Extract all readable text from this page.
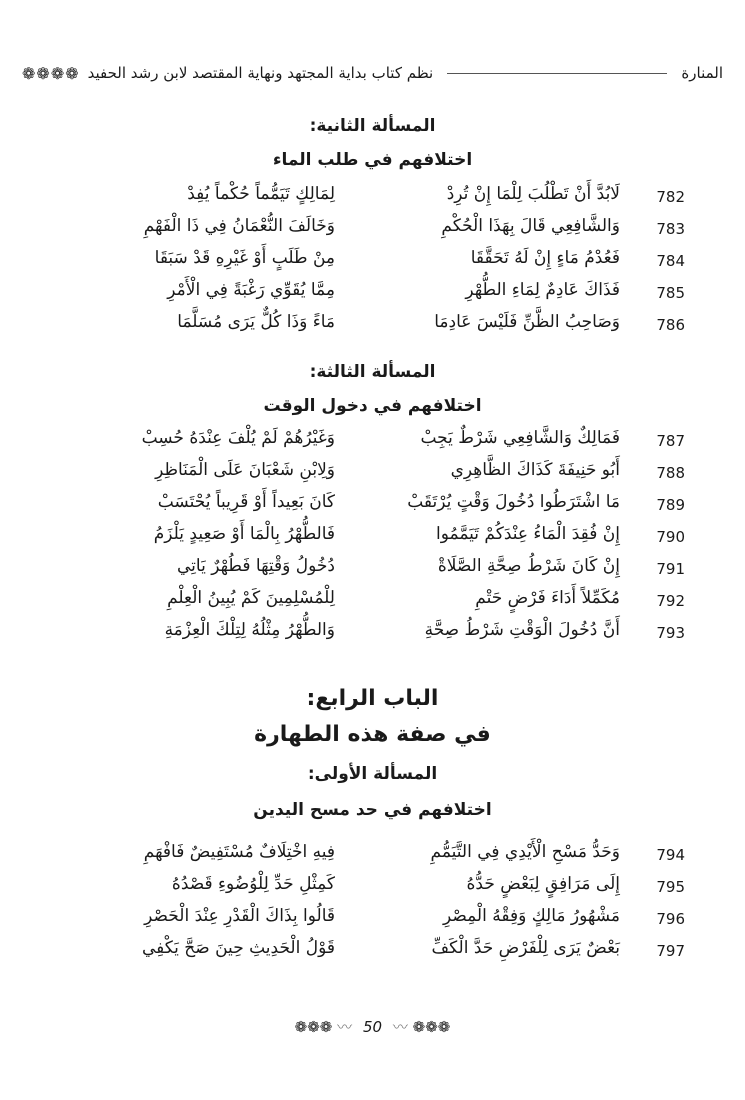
المنارة
نظم كتاب بداية المجتهد ونهاية المقتصد لابن رشد الحفيد
❁❁❁❁
المسألة الثانية:
اختلافهم في طلب الماء
782
لَابُدَّ أَنْ تَطْلُبَ لِلْمَا إِنْ تُرِدْ
لِمَالِكٍ تَيَمُّماً حُكْماً يُفِدْ
783
وَالشَّافِعِي قَالَ بِهَذَا الْحُكْمِ
وَخَالَفَ النُّعْمَانُ فِي ذَا الْفَهْمِ
784
فَعُدْمُ مَاءٍ إِنْ لَهُ تَحَقَّقَا
مِنْ طَلَبٍ أَوْ غَيْرِهِ قَدْ سَبَقَا
785
فَذَاكَ عَادِمٌ لِمَاءِ الطُّهْرِ
مِمَّا يُقَوِّي رَغْبَةً فِي الْأَمْرِ
786
وَصَاحِبُ الظَّنِّ فَلَيْسَ عَادِمَا
مَاءً وَذَا كُلٌّ يَرَى مُسَلَّمَا
المسألة الثالثة:
اختلافهم في دخول الوقت
787
فَمَالِكٌ وَالشَّافِعِي شَرْطٌ يَجِبْ
وَغَيْرُهُمْ لَمْ يُلْفَ عِنْدَهُ حُسِبْ
788
أَبُو حَنِيفَةَ كَذَاكَ الظَّاهِرِي
وَلِابْنِ شَعْبَانَ عَلَى الْمَنَاظِرِ
789
مَا اشْتَرَطُوا دُخُولَ وَقْتٍ يُرْتَقَبْ
كَانَ بَعِيداً أَوْ قَرِيباً يُحْتَسَبْ
790
إِنْ فُقِدَ الْمَاءُ عِنْدَكُمْ تَيَمَّمُوا
فَالطُّهْرُ بِالْمَا أَوْ صَعِيدٍ يَلْزَمُ
791
إِنْ كَانَ شَرْطُ صِحَّةِ الصَّلَاةْ
دُخُولُ وَقْتِهَا فَطُهْرٌ يَاتِي
792
مُكَمِّلاً أَدَاءَ فَرْضٍ حَتْمِ
لِلْمُسْلِمِينَ كَمْ يُبِينُ الْعِلْمِ
793
أَنَّ دُخُولَ الْوَقْتِ شَرْطُ صِحَّةِ
وَالطُّهْرُ مِثْلُهُ لِتِلْكَ الْعِزْمَةِ
الباب الرابع:
في صفة هذه الطهارة
المسألة الأولى:
اختلافهم في حد مسح اليدين
794
وَحَدُّ مَسْحِ الْأَيْدِي فِي التَّيَمُّمِ
فِيهِ اخْتِلَافٌ مُسْتَفِيضٌ فَافْهَمِ
795
إِلَى مَرَافِقٍ لِبَعْضٍ حَدُّهُ
كَمِثْلِ حَدِّ لِلْوُضُوءِ قَصْدُهُ
796
مَشْهُورُ مَالِكٍ وَفِقْهُ الْمِصْرِ
قَالُوا بِذَاكَ الْقَدْرِ عِنْدَ الْحَصْرِ
797
بَعْضٌ يَرَى لِلْفَرْضِ حَدَّ الْكَفِّ
قَوْلُ الْحَدِيثِ حِينَ صَحَّ يَكْفِي
❁❁❁ 〰 50 〰 ❁❁❁
